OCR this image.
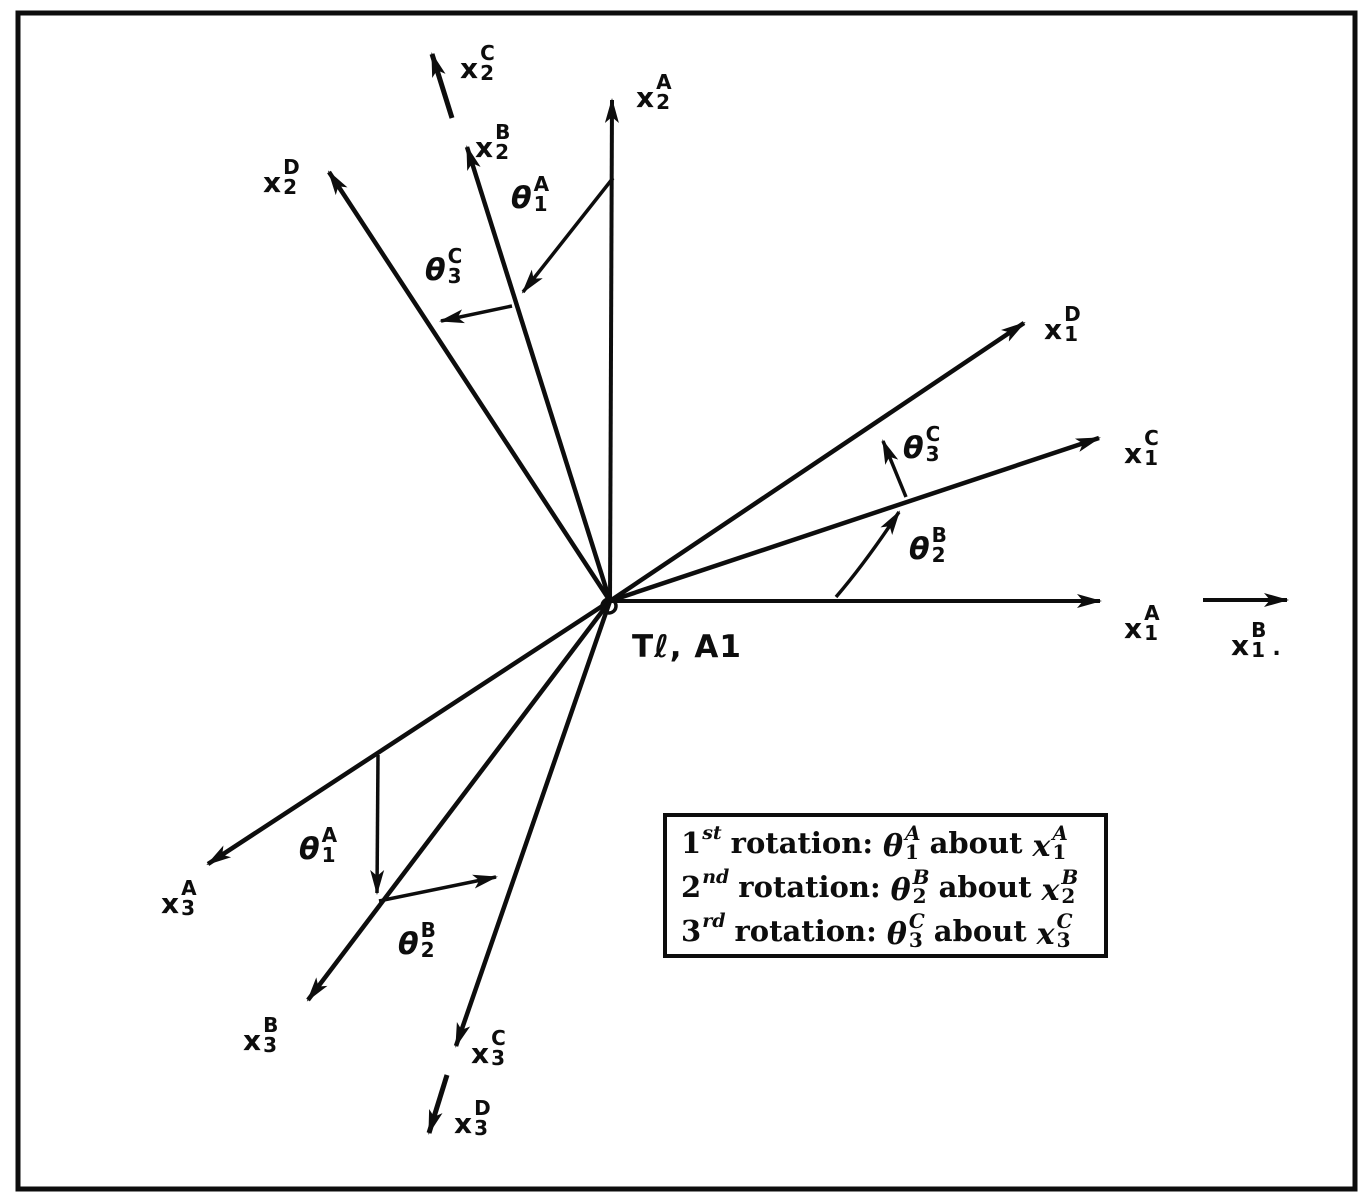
x C
2
x A
2
x B
2
x D
2
x D
1
x C
1
x A
1	x B
1 .
x A
3
x B
3	x C
3
x D
3
θ A
1
θ C
3
θ C
3
θ B
2
θ A
1
θ B
2
Tℓ, A1
1 st rotation: θ A
1 about x A
1
2 nd rotation: θ B
2 about x B
2
3 rd rotation: θ C
3 about x C
3
